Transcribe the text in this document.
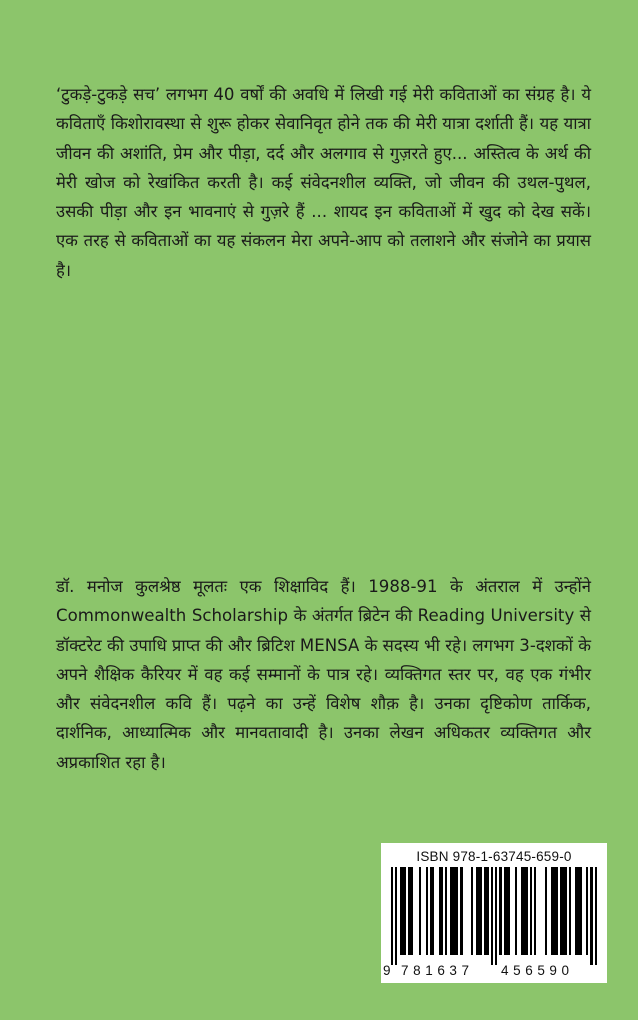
‘टुकड़े-टुकड़े सच’ लगभग 40 वर्षों की अवधि में लिखी गई मेरी कविताओं का संग्रह है। ये कविताएँ किशोरावस्था से शुरू होकर सेवानिवृत होने तक की मेरी यात्रा दर्शाती हैं। यह यात्रा जीवन की अशांति, प्रेम और पीड़ा, दर्द और अलगाव से गुज़रते हुए... अस्तित्व के अर्थ की मेरी खोज को रेखांकित करती है। कई संवेदनशील व्यक्ति, जो जीवन की उथल-पुथल, उसकी पीड़ा और इन भावनाएं से गुज़रे हैं ... शायद इन कविताओं में खुद को देख सकें। एक तरह से कविताओं का यह संकलन मेरा अपने-आप को तलाशने और संजोने का प्रयास है।

डॉ. मनोज कुलश्रेष्ठ मूलतः एक शिक्षाविद हैं। 1988-91 के अंतराल में उन्होंने Commonwealth Scholarship के अंतर्गत ब्रिटेन की Reading University से डॉक्टरेट की उपाधि प्राप्त की और ब्रिटिश MENSA के सदस्य भी रहे। लगभग 3-दशकों के अपने शैक्षिक कैरियर में वह कई सम्मानों के पात्र रहे। व्यक्तिगत स्तर पर, वह एक गंभीर और संवेदनशील कवि हैं। पढ़ने का उन्हें विशेष शौक़ है। उनका दृष्टिकोण तार्किक, दार्शनिक, आध्यात्मिक और मानवतावादी है। उनका लेखन अधिकतर व्यक्तिगत और अप्रकाशित रहा है।

ISBN 978-1-63745-659-0
9 781637 456590
